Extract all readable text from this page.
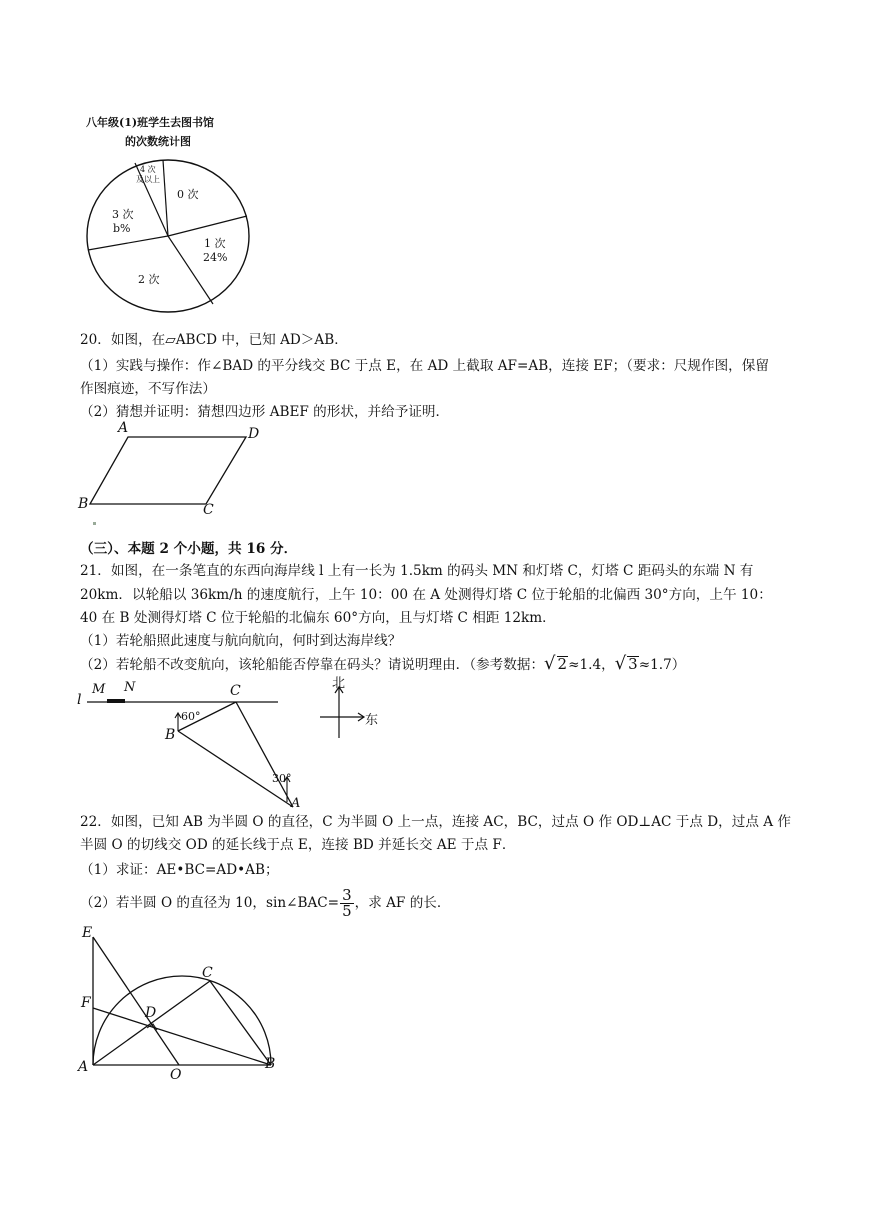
八年级(1)班学生去图书馆
的次数统计图
0 次
1 次
24%
2 次
3 次
b%
4 次
及以上
20．如图，在▱ABCD 中，已知 AD＞AB．
（1）实践与操作：作∠BAD 的平分线交 BC 于点 E，在 AD 上截取 AF=AB，连接 EF；（要求：尺规作图，保留
作图痕迹，不写作法）
（2）猜想并证明：猜想四边形 ABEF 的形状，并给予证明．
A	D
B	C
（三）、本题 2 个小题，共 16 分．
21．如图，在一条笔直的东西向海岸线 l 上有一长为 1.5km 的码头 MN 和灯塔 C，灯塔 C 距码头的东端 N 有
20km．以轮船以 36km/h 的速度航行，上午 10：00 在 A 处测得灯塔 C 位于轮船的北偏西 30°方向，上午 10：
40 在 B 处测得灯塔 C 位于轮船的北偏东 60°方向，且与灯塔 C 相距 12km．
（1）若轮船照此速度与航向航向，何时到达海岸线？
（2）若轮船不改变航向，该轮船能否停靠在码头？请说明理由．（参考数据：√ 2≈1.4，√ 3≈1.7）
l
M N	C
B
A
60°
30°
北
东
22．如图，已知 AB 为半圆 O 的直径，C 为半圆 O 上一点，连接 AC，BC，过点 O 作 OD⊥AC 于点 D，过点 A 作
半圆 O 的切线交 OD 的延长线于点 E，连接 BD 并延长交 AE 于点 F．
（1）求证：AE•BC=AD•AB；
（2）若半圆 O 的直径为 10，sin∠BAC= $\frac{3}{5}$ ，求 AF 的长．
E
C
F
D
A	O
B
